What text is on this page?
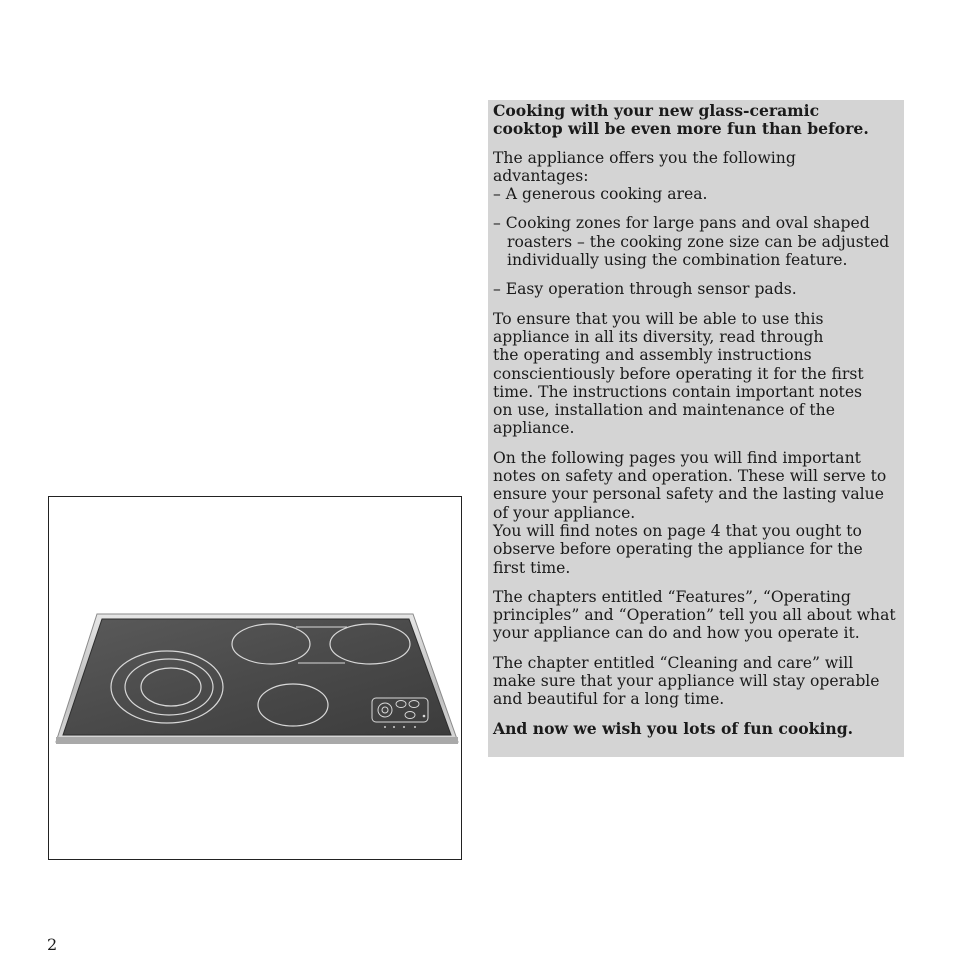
Cooking with your new glass-ceramic
cooktop will be even more fun than before.

The appliance offers you the following
advantages:

– A generous cooking area.

– Cooking zones for large pans and oval shaped
roasters – the cooking zone size can be adjusted
individually using the combination feature.

– Easy operation through sensor pads.

To ensure that you will be able to use this
appliance in all its diversity, read through
the operating and assembly instructions
conscientiously before operating it for the first
time. The instructions contain important notes
on use, installation and maintenance of the
appliance.

On the following pages you will find important
notes on safety and operation. These will serve to
ensure your personal safety and the lasting value
of your appliance.
You will find notes on page 4 that you ought to
observe before operating the appliance for the
first time.

The chapters entitled “Features”, “Operating
principles” and “Operation” tell you all about what
your appliance can do and how you operate it.

The chapter entitled “Cleaning and care” will
make sure that your appliance will stay operable
and beautiful for a long time.

And now we wish you lots of fun cooking.

2
